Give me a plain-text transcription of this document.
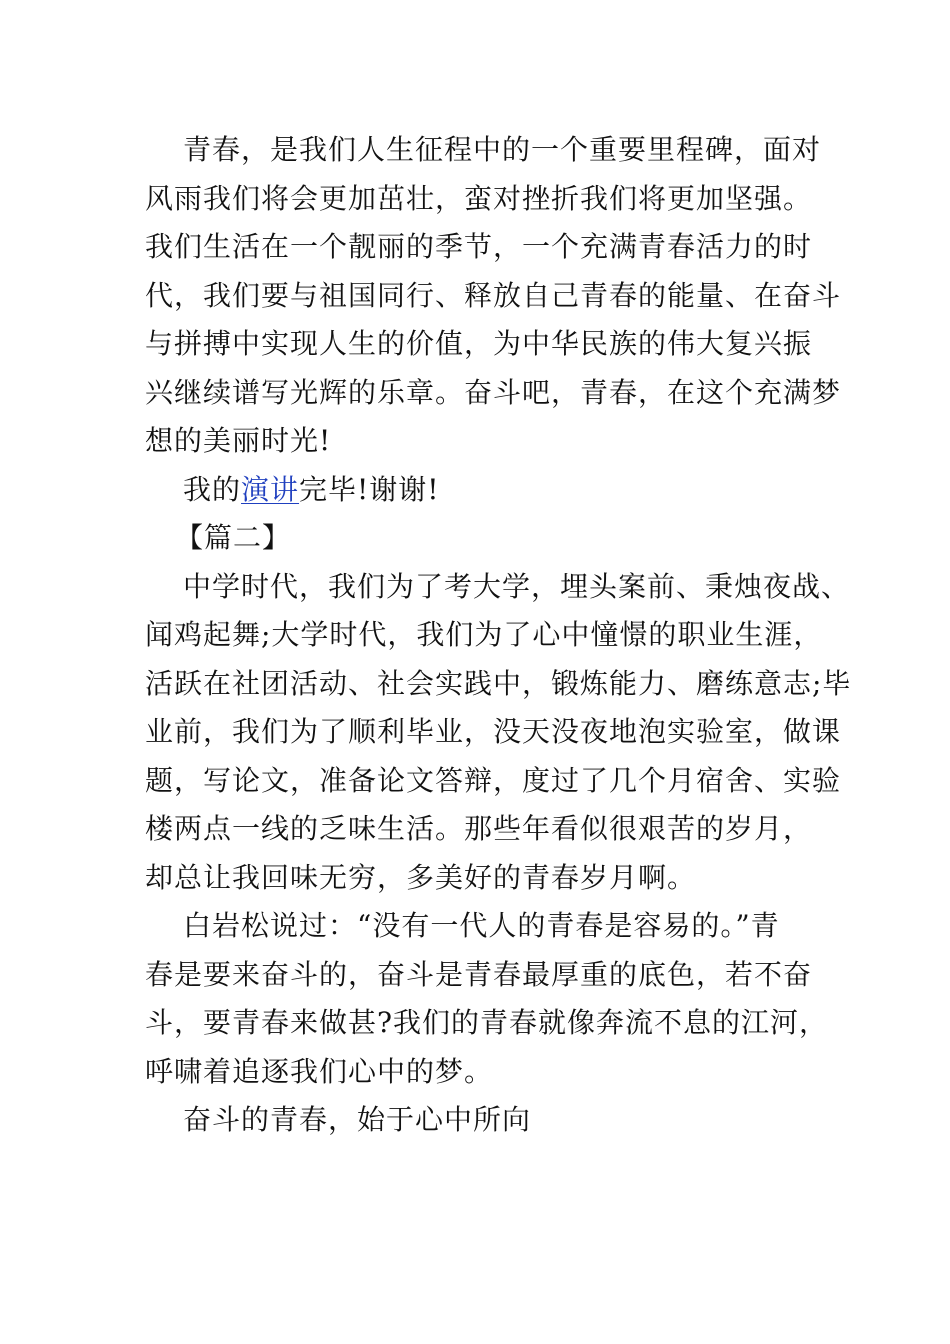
青春，是我们人生征程中的一个重要里程碑，面对
风雨我们将会更加茁壮，蛮对挫折我们将更加坚强。
我们生活在一个靓丽的季节，一个充满青春活力的时
代，我们要与祖国同行、释放自己青春的能量、在奋斗
与拼搏中实现人生的价值，为中华民族的伟大复兴振
兴继续谱写光辉的乐章。奋斗吧，青春，在这个充满梦
想的美丽时光!

我的演讲完毕!谢谢!

【篇二】

中学时代，我们为了考大学，埋头案前、秉烛夜战、
闻鸡起舞;大学时代，我们为了心中憧憬的职业生涯，
活跃在社团活动、社会实践中，锻炼能力、磨练意志;毕
业前，我们为了顺利毕业，没天没夜地泡实验室，做课
题，写论文，准备论文答辩，度过了几个月宿舍、实验
楼两点一线的乏味生活。那些年看似很艰苦的岁月，
却总让我回味无穷，多美好的青春岁月啊。

白岩松说过：“没有一代人的青春是容易的。”青
春是要来奋斗的，奋斗是青春最厚重的底色，若不奋
斗，要青春来做甚?我们的青春就像奔流不息的江河，
呼啸着追逐我们心中的梦。

奋斗的青春，始于心中所向
